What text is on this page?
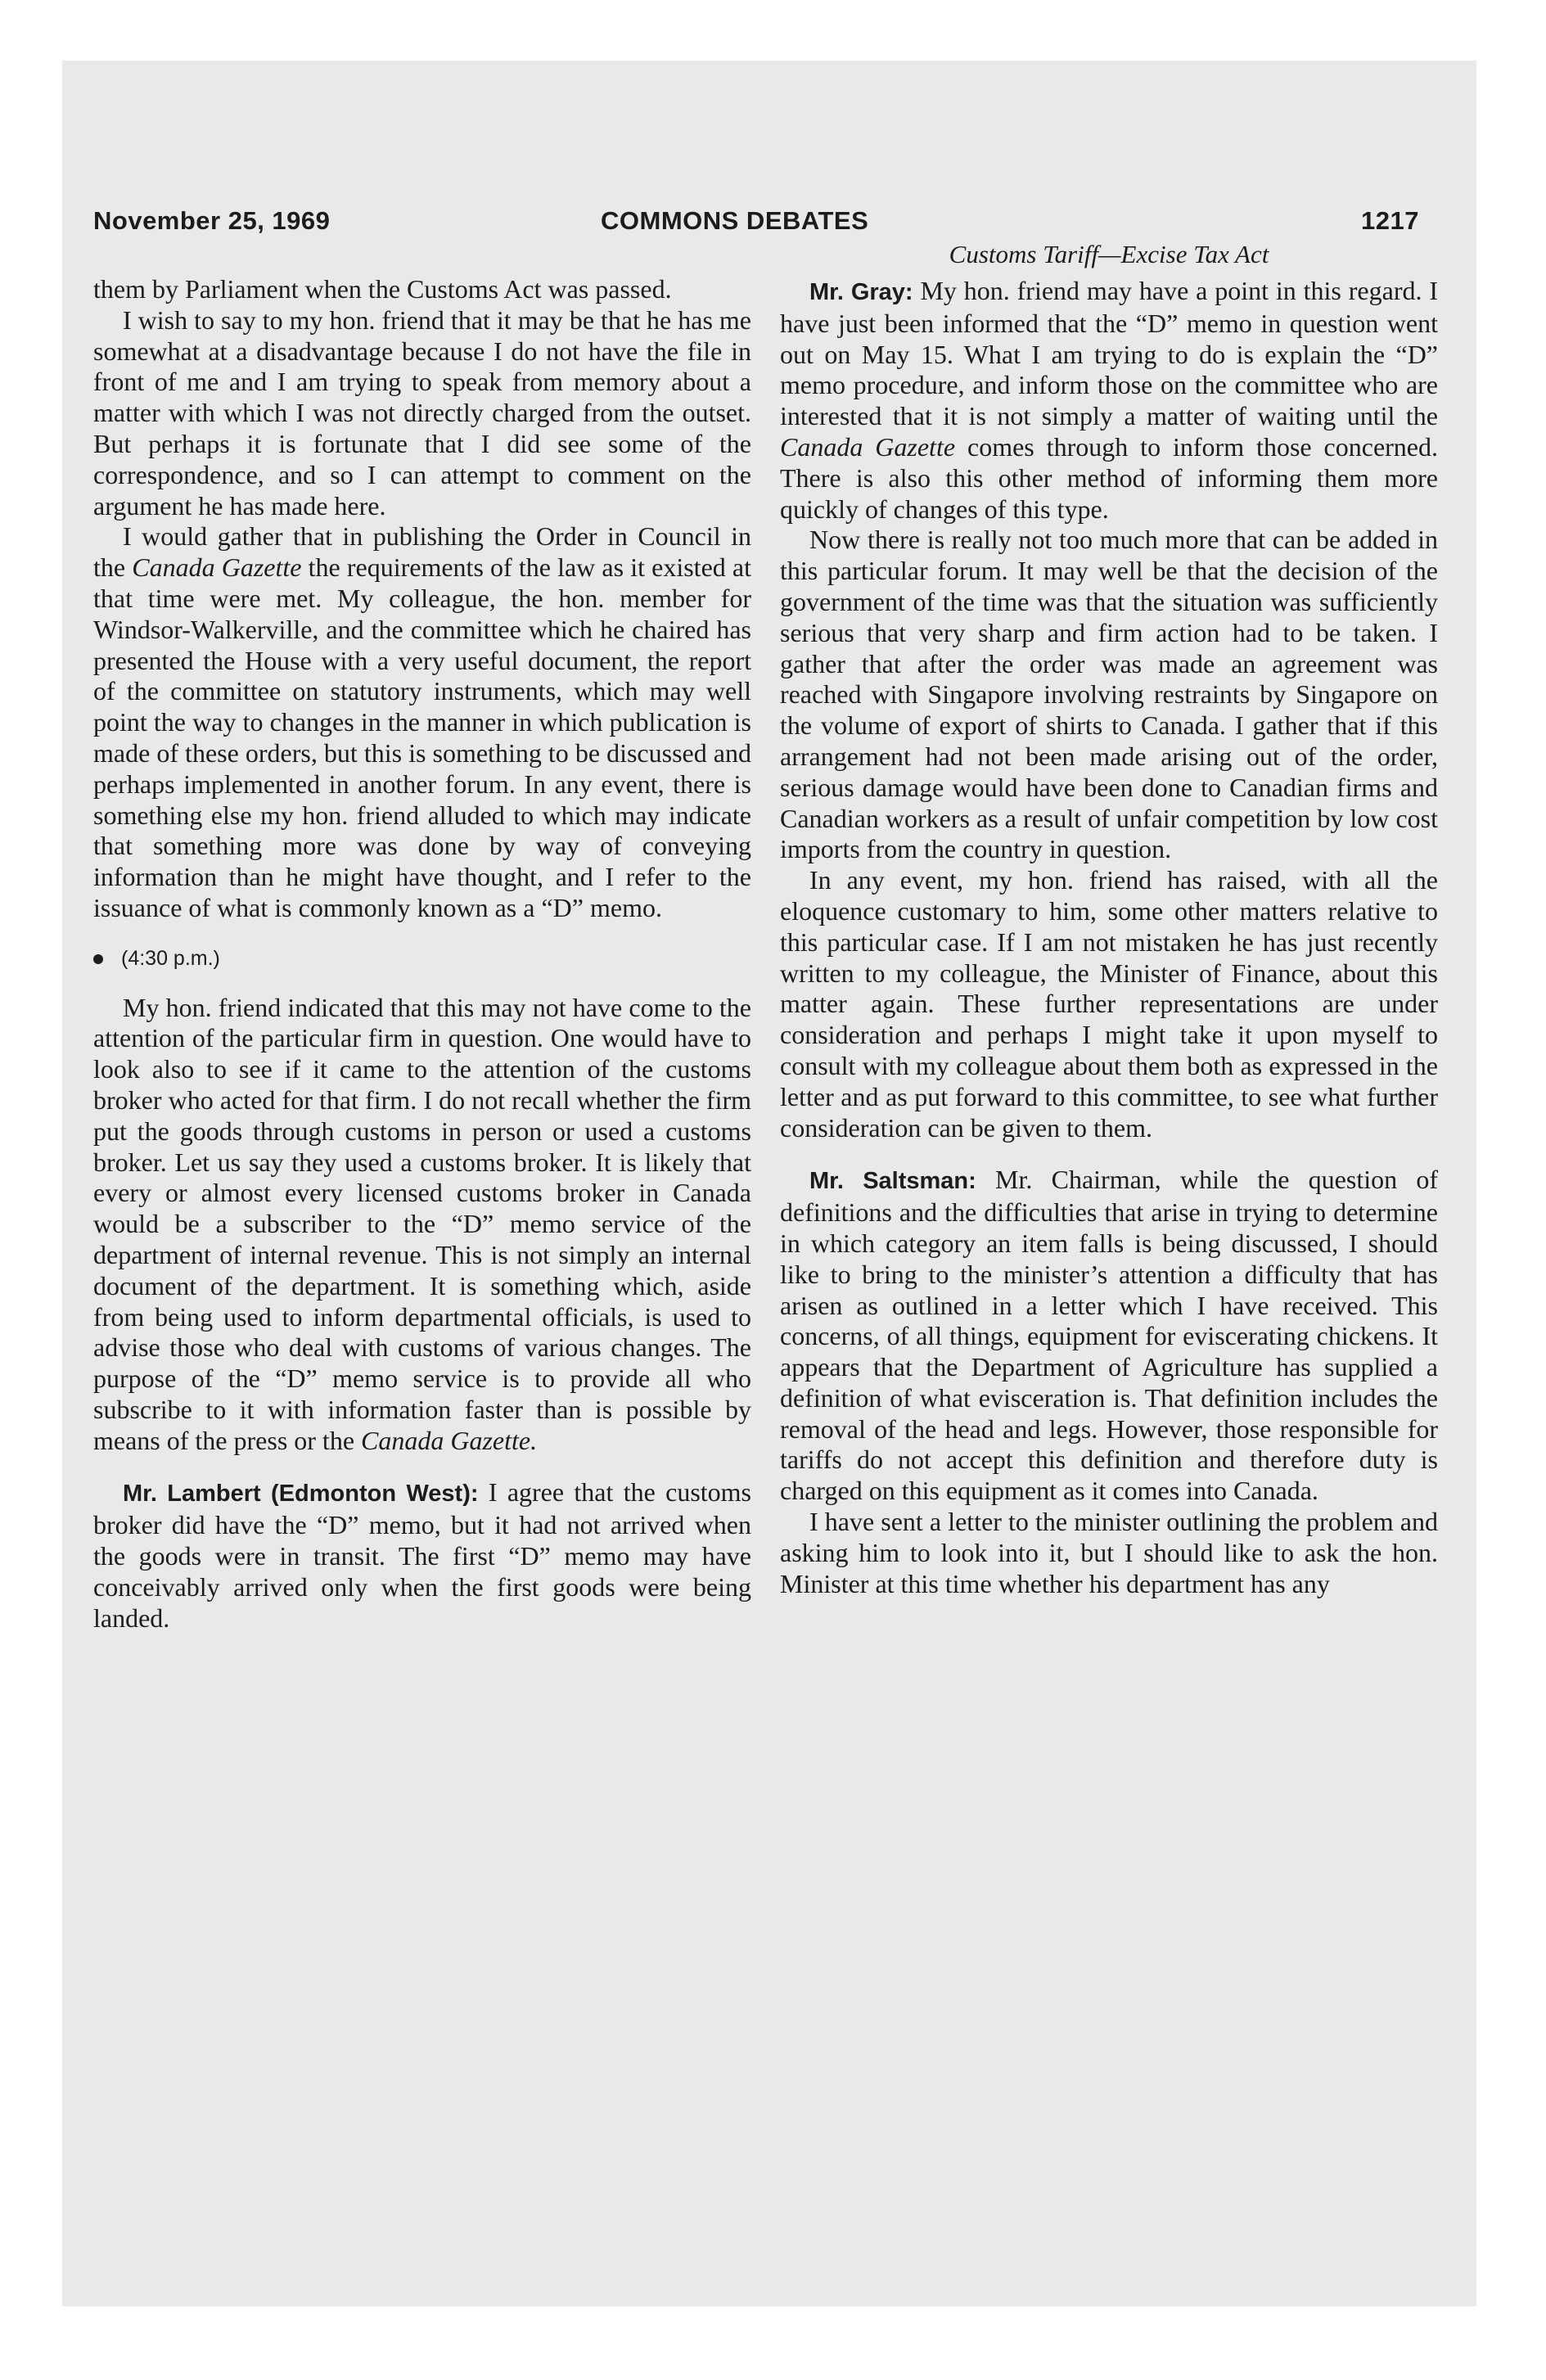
November 25, 1969	COMMONS DEBATES	1217

them by Parliament when the Customs Act was passed.

I wish to say to my hon. friend that it may be that he has me somewhat at a disadvantage because I do not have the file in front of me and I am trying to speak from memory about a matter with which I was not directly charged from the outset. But perhaps it is fortunate that I did see some of the correspondence, and so I can attempt to comment on the argument he has made here.

I would gather that in publishing the Order in Council in the Canada Gazette the requirements of the law as it existed at that time were met. My colleague, the hon. member for Windsor-Walkerville, and the committee which he chaired has presented the House with a very useful document, the report of the committee on statutory instruments, which may well point the way to changes in the manner in which publication is made of these orders, but this is something to be discussed and perhaps implemented in another forum. In any event, there is something else my hon. friend alluded to which may indicate that something more was done by way of conveying information than he might have thought, and I refer to the issuance of what is commonly known as a “D” memo.

(4:30 p.m.)

My hon. friend indicated that this may not have come to the attention of the particular firm in question. One would have to look also to see if it came to the attention of the customs broker who acted for that firm. I do not recall whether the firm put the goods through customs in person or used a customs broker. Let us say they used a customs broker. It is likely that every or almost every licensed customs broker in Canada would be a subscriber to the “D” memo service of the department of internal revenue. This is not simply an internal document of the department. It is something which, aside from being used to inform departmental officials, is used to advise those who deal with customs of various changes. The purpose of the “D” memo service is to provide all who subscribe to it with information faster than is possible by means of the press or the Canada Gazette.

Mr. Lambert (Edmonton West): I agree that the customs broker did have the “D” memo, but it had not arrived when the goods were in transit. The first “D” memo may have conceivably arrived only when the first goods were being landed.

Customs Tariff—Excise Tax Act

Mr. Gray: My hon. friend may have a point in this regard. I have just been informed that the “D” memo in question went out on May 15. What I am trying to do is explain the “D” memo procedure, and inform those on the committee who are interested that it is not simply a matter of waiting until the Canada Gazette comes through to inform those concerned. There is also this other method of informing them more quickly of changes of this type.

Now there is really not too much more that can be added in this particular forum. It may well be that the decision of the government of the time was that the situation was sufficiently serious that very sharp and firm action had to be taken. I gather that after the order was made an agreement was reached with Singapore involving restraints by Singapore on the volume of export of shirts to Canada. I gather that if this arrangement had not been made arising out of the order, serious damage would have been done to Canadian firms and Canadian workers as a result of unfair competition by low cost imports from the country in question.

In any event, my hon. friend has raised, with all the eloquence customary to him, some other matters relative to this particular case. If I am not mistaken he has just recently written to my colleague, the Minister of Finance, about this matter again. These further representations are under consideration and perhaps I might take it upon myself to consult with my colleague about them both as expressed in the letter and as put forward to this committee, to see what further consideration can be given to them.

Mr. Saltsman: Mr. Chairman, while the question of definitions and the difficulties that arise in trying to determine in which category an item falls is being discussed, I should like to bring to the minister’s attention a difficulty that has arisen as outlined in a letter which I have received. This concerns, of all things, equipment for eviscerating chickens. It appears that the Department of Agriculture has supplied a definition of what evisceration is. That definition includes the removal of the head and legs. However, those responsible for tariffs do not accept this definition and therefore duty is charged on this equipment as it comes into Canada.

I have sent a letter to the minister outlining the problem and asking him to look into it, but I should like to ask the hon. Minister at this time whether his department has any
